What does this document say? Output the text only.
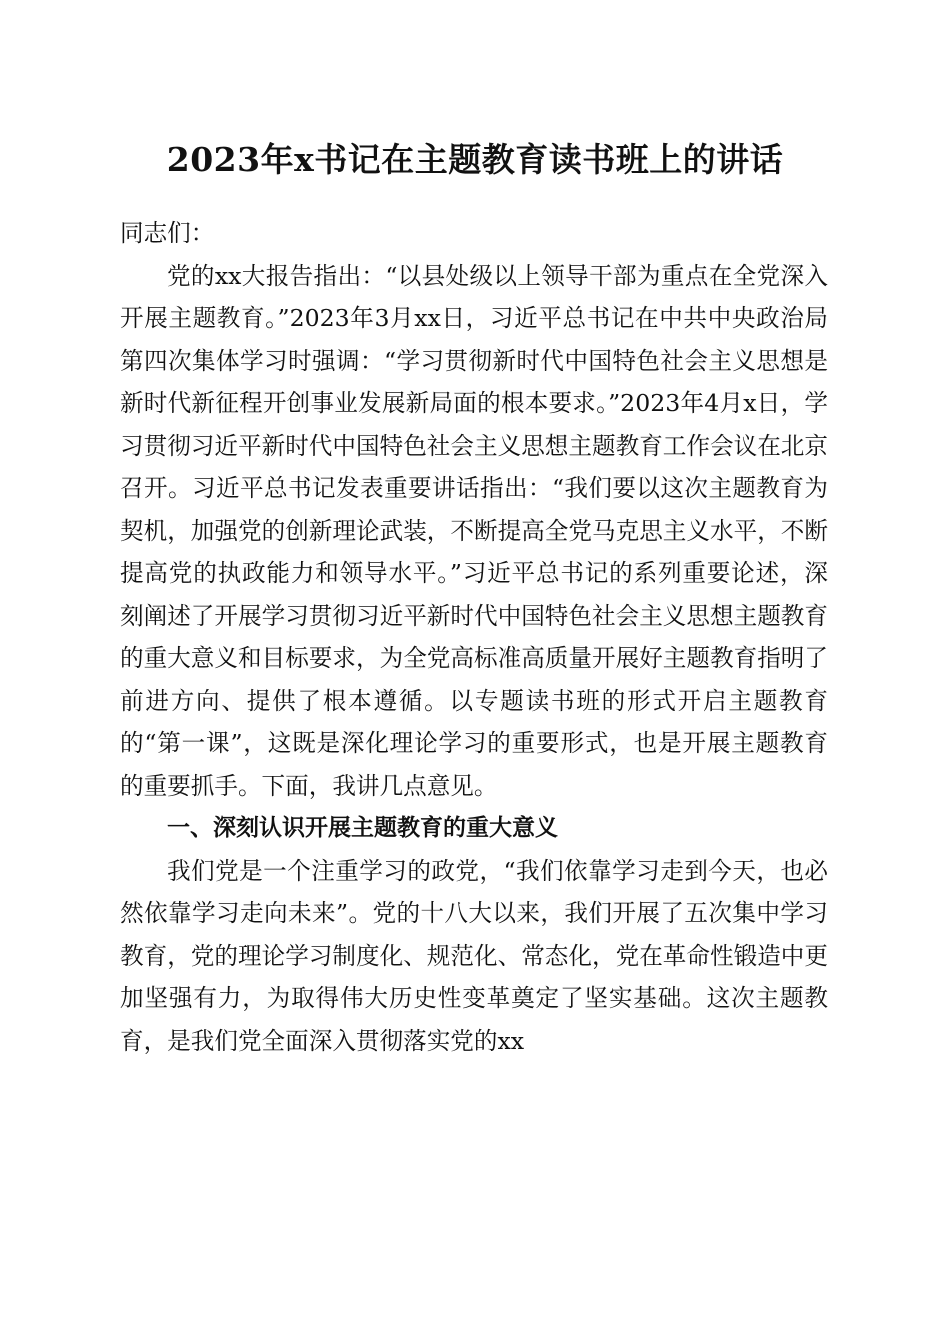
2023年x书记在主题教育读书班上的讲话

同志们：

党的xx大报告指出：“以县处级以上领导干部为重点在全党深入开展主题教育。”2023年3月xx日，习近平总书记在中共中央政治局第四次集体学习时强调：“学习贯彻新时代中国特色社会主义思想是新时代新征程开创事业发展新局面的根本要求。”2023年4月x日，学习贯彻习近平新时代中国特色社会主义思想主题教育工作会议在北京召开。习近平总书记发表重要讲话指出：“我们要以这次主题教育为契机，加强党的创新理论武装，不断提高全党马克思主义水平，不断提高党的执政能力和领导水平。”习近平总书记的系列重要论述，深刻阐述了开展学习贯彻习近平新时代中国特色社会主义思想主题教育的重大意义和目标要求，为全党高标准高质量开展好主题教育指明了前进方向、提供了根本遵循。以专题读书班的形式开启主题教育的“第一课”，这既是深化理论学习的重要形式，也是开展主题教育的重要抓手。下面，我讲几点意见。

一、深刻认识开展主题教育的重大意义

我们党是一个注重学习的政党，“我们依靠学习走到今天，也必然依靠学习走向未来”。党的十八大以来，我们开展了五次集中学习教育，党的理论学习制度化、规范化、常态化，党在革命性锻造中更加坚强有力，为取得伟大历史性变革奠定了坚实基础。这次主题教育，是我们党全面深入贯彻落实党的xx
